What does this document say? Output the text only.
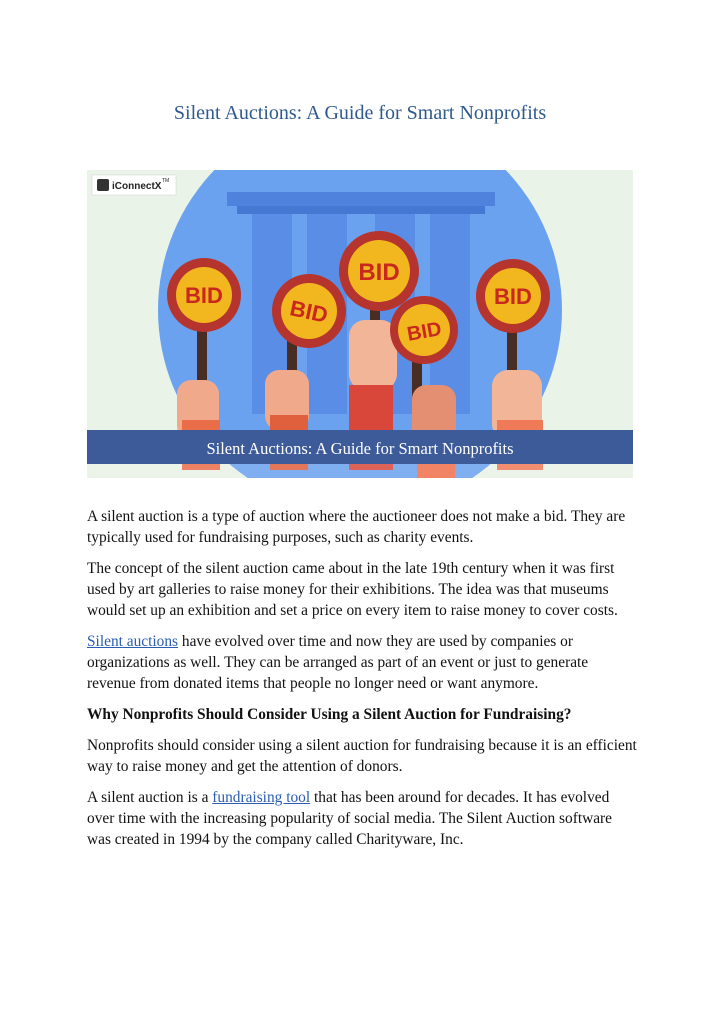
Silent Auctions: A Guide for Smart Nonprofits
BID	BID
BID
BID
BID
iConnectX TM
Silent Auctions: A Guide for Smart Nonprofits

A silent auction is a type of auction where the auctioneer does not make a bid. They are typically used for fundraising purposes, such as charity events.

The concept of the silent auction came about in the late 19th century when it was first used by art galleries to raise money for their exhibitions. The idea was that museums would set up an exhibition and set a price on every item to raise money to cover costs.

Silent auctions have evolved over time and now they are used by companies or organizations as well. They can be arranged as part of an event or just to generate revenue from donated items that people no longer need or want anymore.

Why Nonprofits Should Consider Using a Silent Auction for Fundraising?

Nonprofits should consider using a silent auction for fundraising because it is an efficient way to raise money and get the attention of donors.

A silent auction is a fundraising tool that has been around for decades. It has evolved over time with the increasing popularity of social media. The Silent Auction software was created in 1994 by the company called Charityware, Inc.
